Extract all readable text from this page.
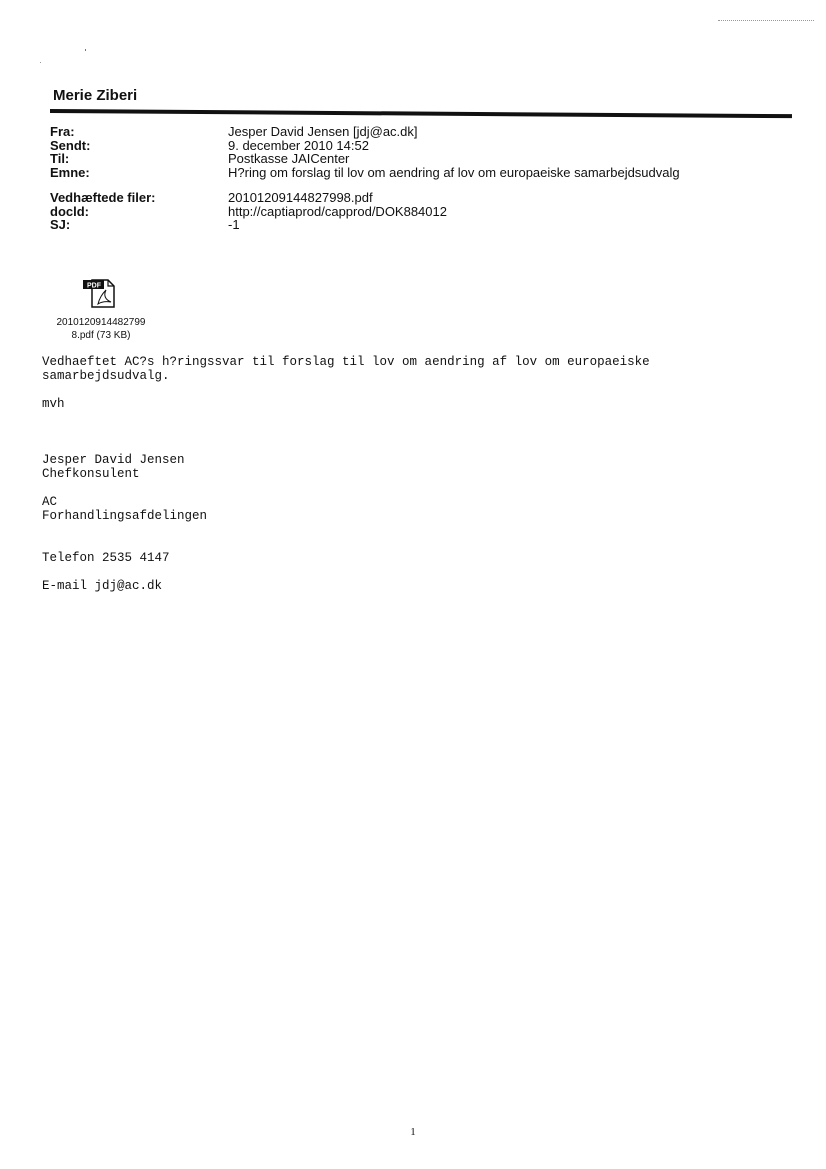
Merie Ziberi
Fra:	Jesper David Jensen [jdj@ac.dk]
Sendt:	9. december 2010 14:52
Til:	Postkasse JAICenter
Emne:	H?ring om forslag til lov om aendring af lov om europaeiske samarbejdsudvalg
Vedhæftede filer:	20101209144827998.pdf
docld:	http://captiaprod/capprod/DOK884012
SJ:	-1
PDF
2010120914482799
8.pdf (73 KB)
Vedhaeftet AC?s h?ringssvar til forslag til lov om aendring af lov om europaeiske
samarbejdsudvalg.

mvh

Jesper David Jensen
Chefkonsulent

AC
Forhandlingsafdelingen

Telefon 2535 4147

E-mail jdj@ac.dk
1
